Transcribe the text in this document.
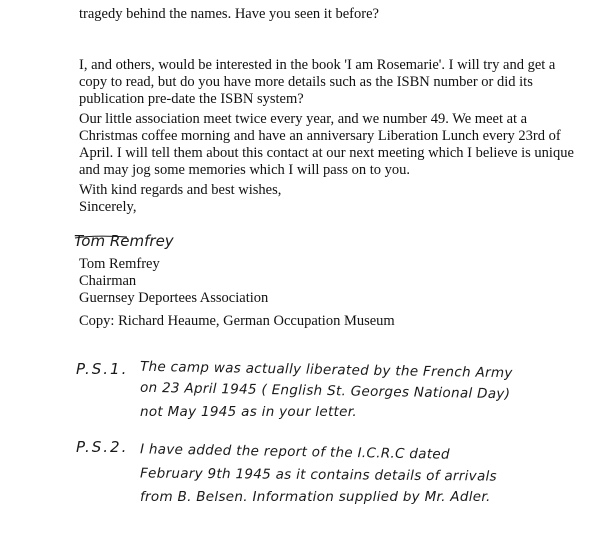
tragedy behind the names. Have you seen it before?

I, and others, would be interested in the book 'I am Rosemarie'. I will try and get a

copy to read, but do you have more details such as the ISBN number or did its

publication pre-date the ISBN system?

Our little association meet twice every year, and we number 49. We meet at a

Christmas coffee morning and have an anniversary Liberation Lunch every 23rd of

April. I will tell them about this contact at our next meeting which I believe is unique

and may jog some memories which I will pass on to you.

With kind regards and best wishes,

Sincerely,

Tom Remfrey

Tom Remfrey

Chairman

Guernsey Deportees Association

Copy: Richard Heaume, German Occupation Museum

P.S.1. The camp was actually liberated by the French Army

on 23 April 1945 ( English St. Georges National Day)

not May 1945 as in your letter.

P.S.2. I have added the report of the I.C.R.C dated

February 9th 1945 as it contains details of arrivals

from B. Belsen. Information supplied by Mr. Adler.
